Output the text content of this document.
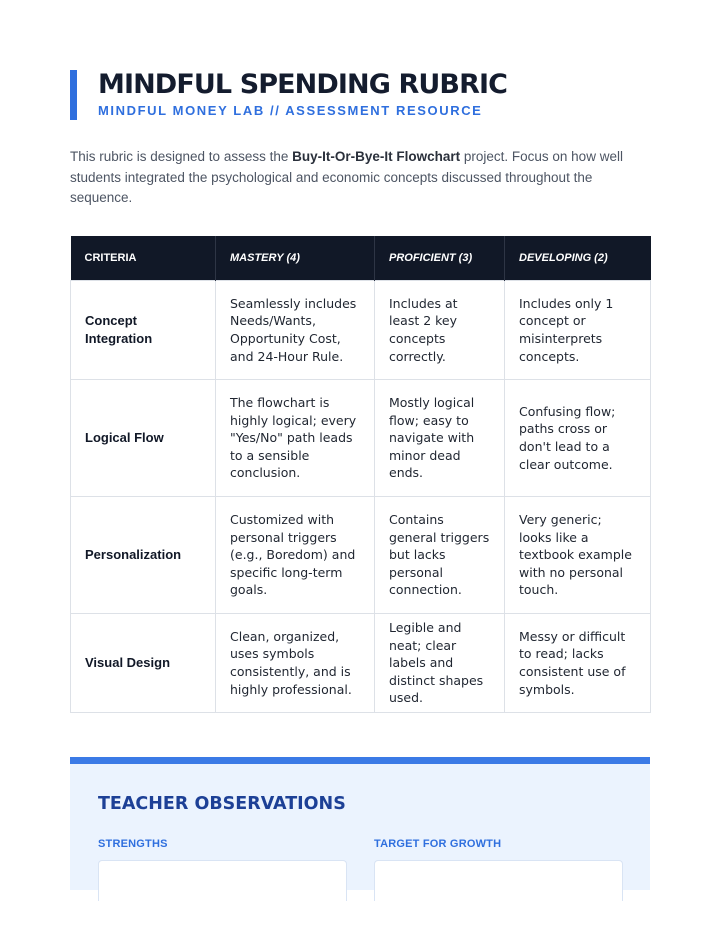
MINDFUL SPENDING RUBRIC
MINDFUL MONEY LAB // ASSESSMENT RESOURCE

This rubric is designed to assess the Buy-It-Or-Bye-It Flowchart project. Focus on how well students integrated the psychological and economic concepts discussed throughout the sequence.

CRITERIA	MASTERY (4)	PROFICIENT (3)	DEVELOPING (2)
Concept Integration	Seamlessly includes Needs/Wants, Opportunity Cost, and 24-Hour Rule.	Includes at least 2 key concepts correctly.	Includes only 1 concept or misinterprets concepts.
Logical Flow	The flowchart is highly logical; every "Yes/No" path leads to a sensible conclusion.	Mostly logical flow; easy to navigate with minor dead ends.	Confusing flow; paths cross or don't lead to a clear outcome.
Personalization	Customized with personal triggers (e.g., Boredom) and specific long-term goals.	Contains general triggers but lacks personal connection.	Very generic; looks like a textbook example with no personal touch.
Visual Design	Clean, organized, uses symbols consistently, and is highly professional.	Legible and neat; clear labels and distinct shapes used.	Messy or difficult to read; lacks consistent use of symbols.
TEACHER OBSERVATIONS
STRENGTHS	TARGET FOR GROWTH
